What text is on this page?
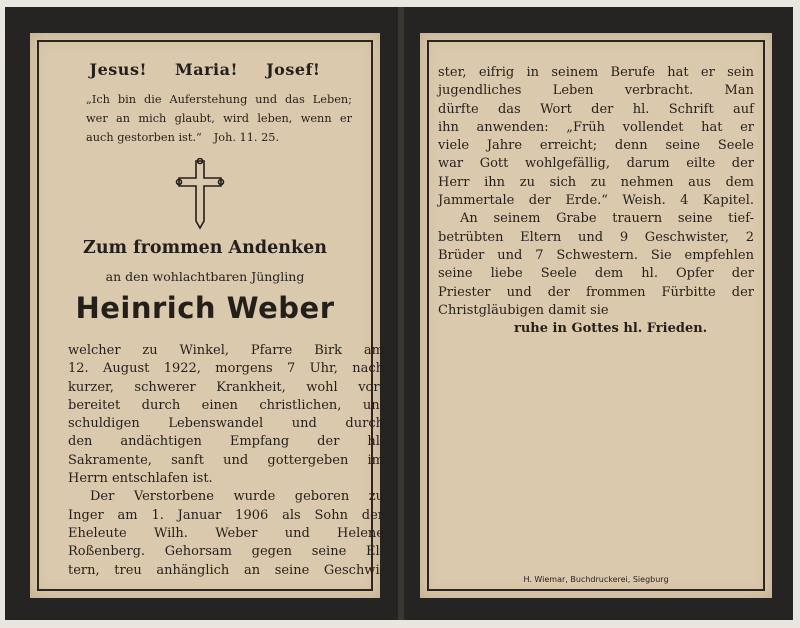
Jesus! Maria! Josef!
„Ich bin die Auferstehung und das Leben;
wer an mich glaubt, wird leben, wenn er
auch gestorben ist.“ Joh. 11. 25.
Zum frommen Andenken
an den wohlachtbaren Jüngling
Heinrich Weber
welcher zu Winkel, Pfarre Birk am
12. August 1922, morgens 7 Uhr, nach
kurzer, schwerer Krankheit, wohl vor-
bereitet durch einen christlichen, un-
schuldigen Lebenswandel und durch
den andächtigen Empfang der hl.
Sakramente, sanft und gottergeben im
Herrn entschlafen ist.
Der Verstorbene wurde geboren zu
Inger am 1. Januar 1906 als Sohn der
Eheleute Wilh. Weber und Helene
Roßenberg. Gehorsam gegen seine El-
tern, treu anhänglich an seine Geschwi-
ster, eifrig in seinem Berufe hat er sein
jugendliches Leben verbracht. Man
dürfte das Wort der hl. Schrift auf
ihn anwenden: „Früh vollendet hat er
viele Jahre erreicht; denn seine Seele
war Gott wohlgefällig, darum eilte der
Herr ihn zu sich zu nehmen aus dem
Jammertale der Erde.“ Weish. 4 Kapitel.
An seinem Grabe trauern seine tief-
betrübten Eltern und 9 Geschwister, 2
Brüder und 7 Schwestern. Sie empfehlen
seine liebe Seele dem hl. Opfer der
Priester und der frommen Fürbitte der
Christgläubigen damit sie
ruhe in Gottes hl. Frieden.
H. Wiemar, Buchdruckerei, Siegburg
